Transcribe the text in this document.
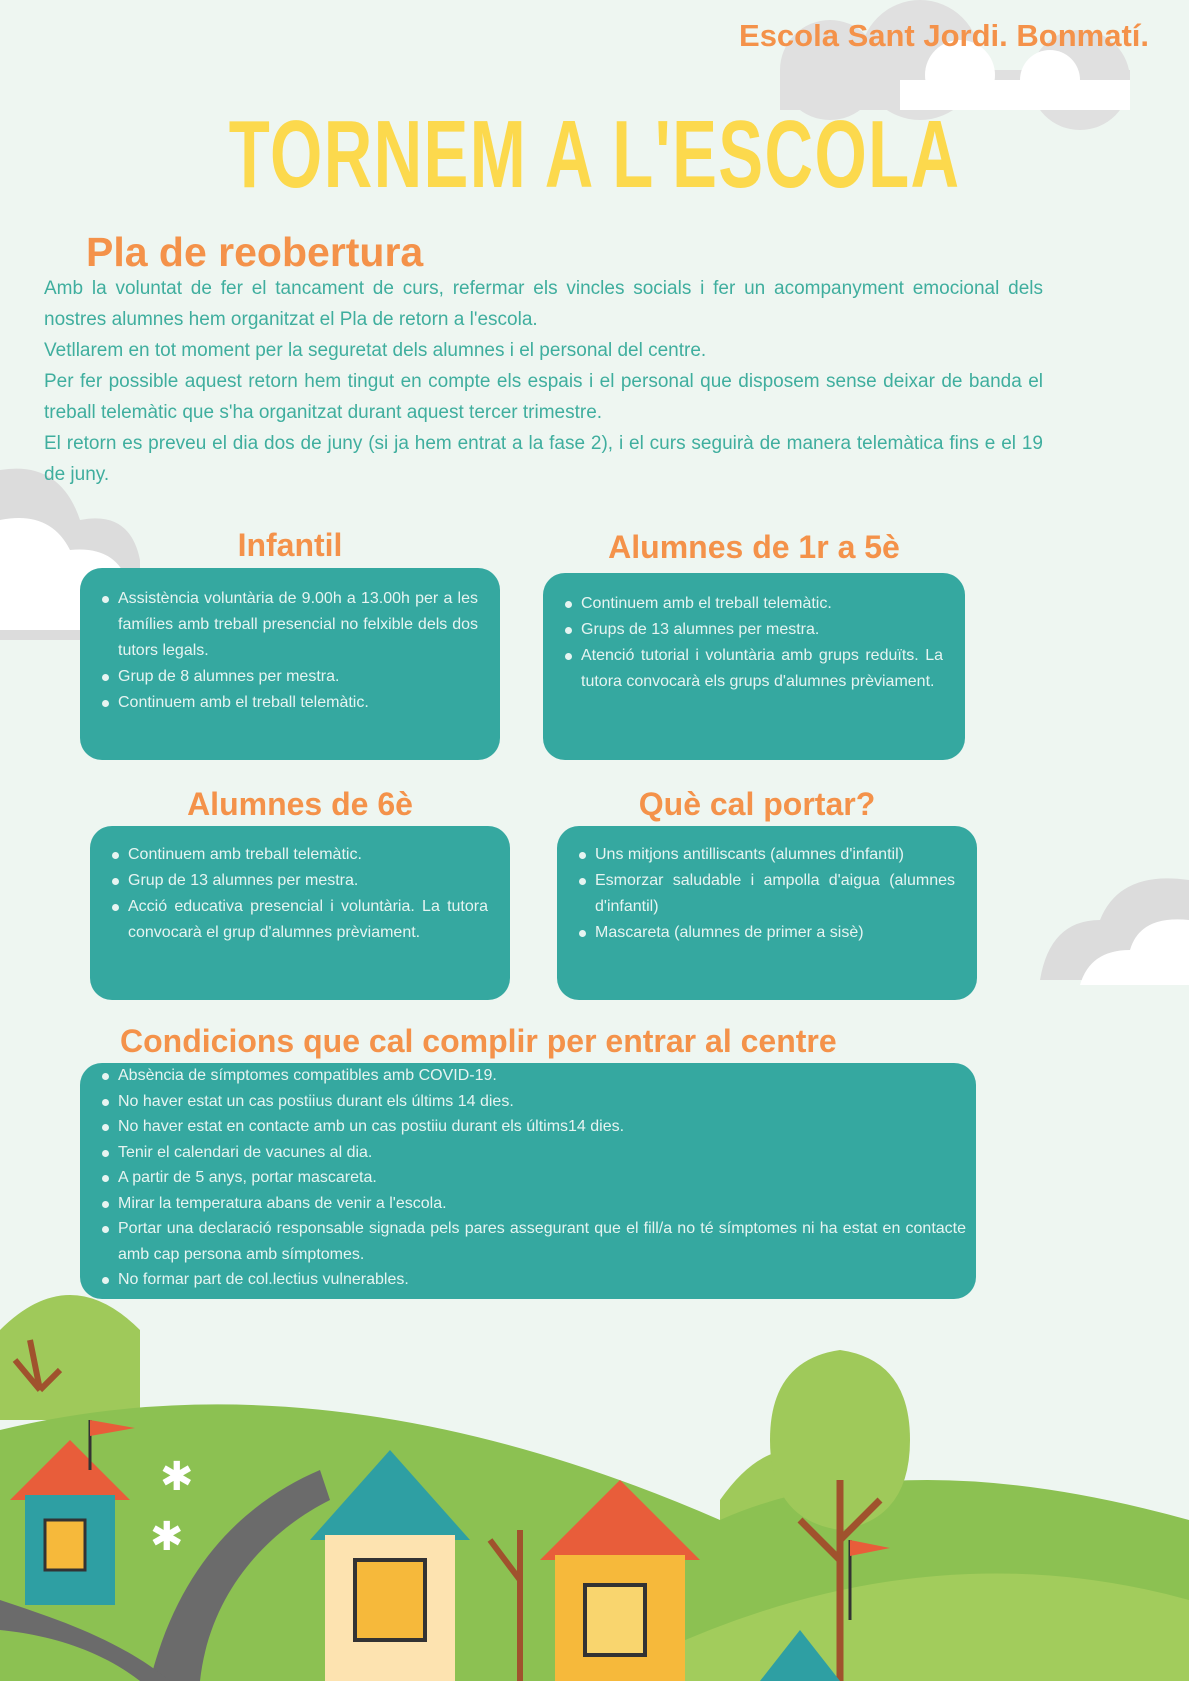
✱
✱
Escola Sant Jordi. Bonmatí.
TORNEM A L'ESCOLA
Pla de reobertura

Amb la voluntat de fer el tancament de curs, refermar els vincles socials i fer un acompanyment emocional dels nostres alumnes hem organitzat el Pla de retorn a l'escola.

Vetllarem en tot moment per la seguretat dels alumnes i el personal del centre.

Per fer possible aquest retorn hem tingut en compte els espais i el personal que disposem sense deixar de banda el treball telemàtic que s'ha organitzat durant aquest tercer trimestre.

El retorn es preveu el dia dos de juny (si ja hem entrat a la fase 2), i el curs seguirà de manera telemàtica fins e el 19 de juny.

Infantil
Assistència voluntària de 9.00h a 13.00h per a les famílies amb treball presencial no felxible dels dos tutors legals.
Grup de 8 alumnes per mestra.
Continuem amb el treball telemàtic.
Alumnes de 1r a 5è
Continuem amb el treball telemàtic.
Grups de 13 alumnes per mestra.
Atenció tutorial i voluntària amb grups reduïts. La tutora convocarà els grups d'alumnes prèviament.
Alumnes de 6è
Continuem amb treball telemàtic.
Grup de 13 alumnes per mestra.
Acció educativa presencial i voluntària. La tutora convocarà el grup d'alumnes prèviament.
Què cal portar?
Uns mitjons antilliscants (alumnes d'infantil)
Esmorzar saludable i ampolla d'aigua (alumnes d'infantil)
Mascareta (alumnes de primer a sisè)
Condicions que cal complir per entrar al centre
Absència de símptomes compatibles amb COVID-19.
No haver estat un cas postiius durant els últims 14 dies.
No haver estat en contacte amb un cas postiiu durant els últims14 dies.
Tenir el calendari de vacunes al dia.
A partir de 5 anys, portar mascareta.
Mirar la temperatura abans de venir a l'escola.
Portar una declaració responsable signada pels pares assegurant que el fill/a no té símptomes ni ha estat en contacte amb cap persona amb símptomes.
No formar part de col.lectius vulnerables.
